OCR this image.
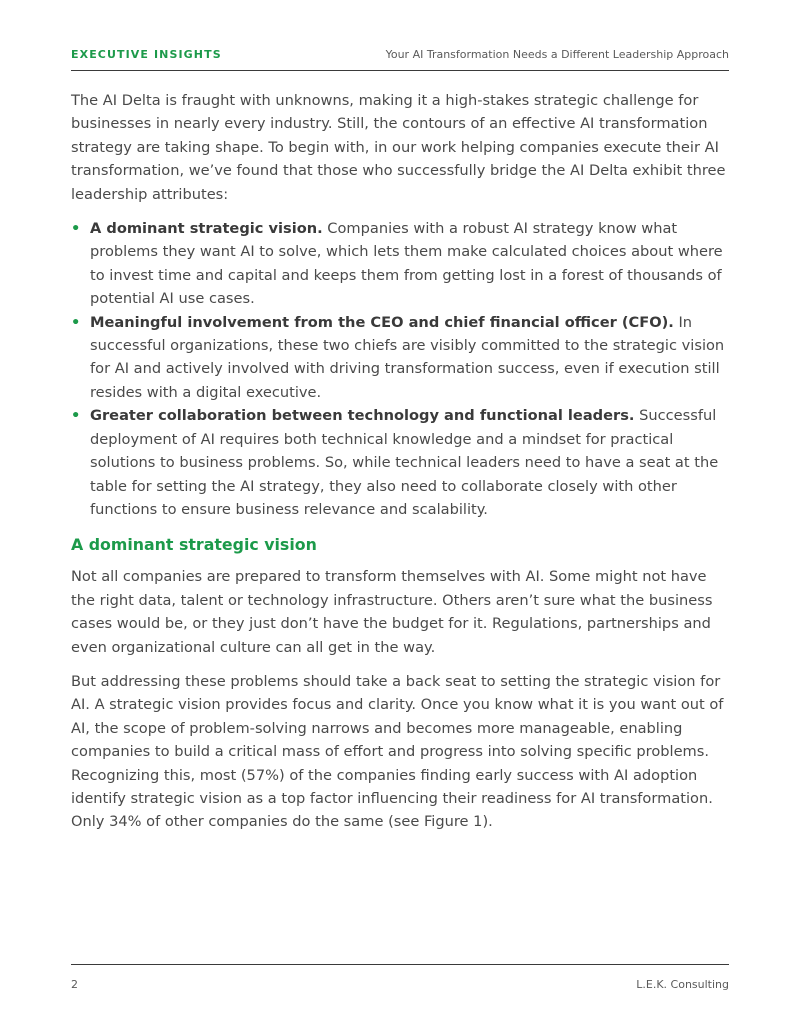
EXECUTIVE INSIGHTS	Your AI Transformation Needs a Different Leadership Approach

The AI Delta is fraught with unknowns, making it a high-stakes strategic challenge for businesses in nearly every industry. Still, the contours of an effective AI transformation strategy are taking shape. To begin with, in our work helping companies execute their AI transformation, we’ve found that those who successfully bridge the AI Delta exhibit three leadership attributes:

• A dominant strategic vision. Companies with a robust AI strategy know what problems they want AI to solve, which lets them make calculated choices about where to invest time and capital and keeps them from getting lost in a forest of thousands of potential AI use cases.
• Meaningful involvement from the CEO and chief financial officer (CFO). In successful organizations, these two chiefs are visibly committed to the strategic vision for AI and actively involved with driving transformation success, even if execution still resides with a digital executive.
• Greater collaboration between technology and functional leaders. Successful deployment of AI requires both technical knowledge and a mindset for practical solutions to business problems. So, while technical leaders need to have a seat at the table for setting the AI strategy, they also need to collaborate closely with other functions to ensure business relevance and scalability.
A dominant strategic vision

Not all companies are prepared to transform themselves with AI. Some might not have the right data, talent or technology infrastructure. Others aren’t sure what the business cases would be, or they just don’t have the budget for it. Regulations, partnerships and even organizational culture can all get in the way.

But addressing these problems should take a back seat to setting the strategic vision for AI. A strategic vision provides focus and clarity. Once you know what it is you want out of AI, the scope of problem-solving narrows and becomes more manageable, enabling companies to build a critical mass of effort and progress into solving specific problems. Recognizing this, most (57%) of the companies finding early success with AI adoption identify strategic vision as a top factor influencing their readiness for AI transformation. Only 34% of other companies do the same (see Figure 1).

2	L.E.K. Consulting
